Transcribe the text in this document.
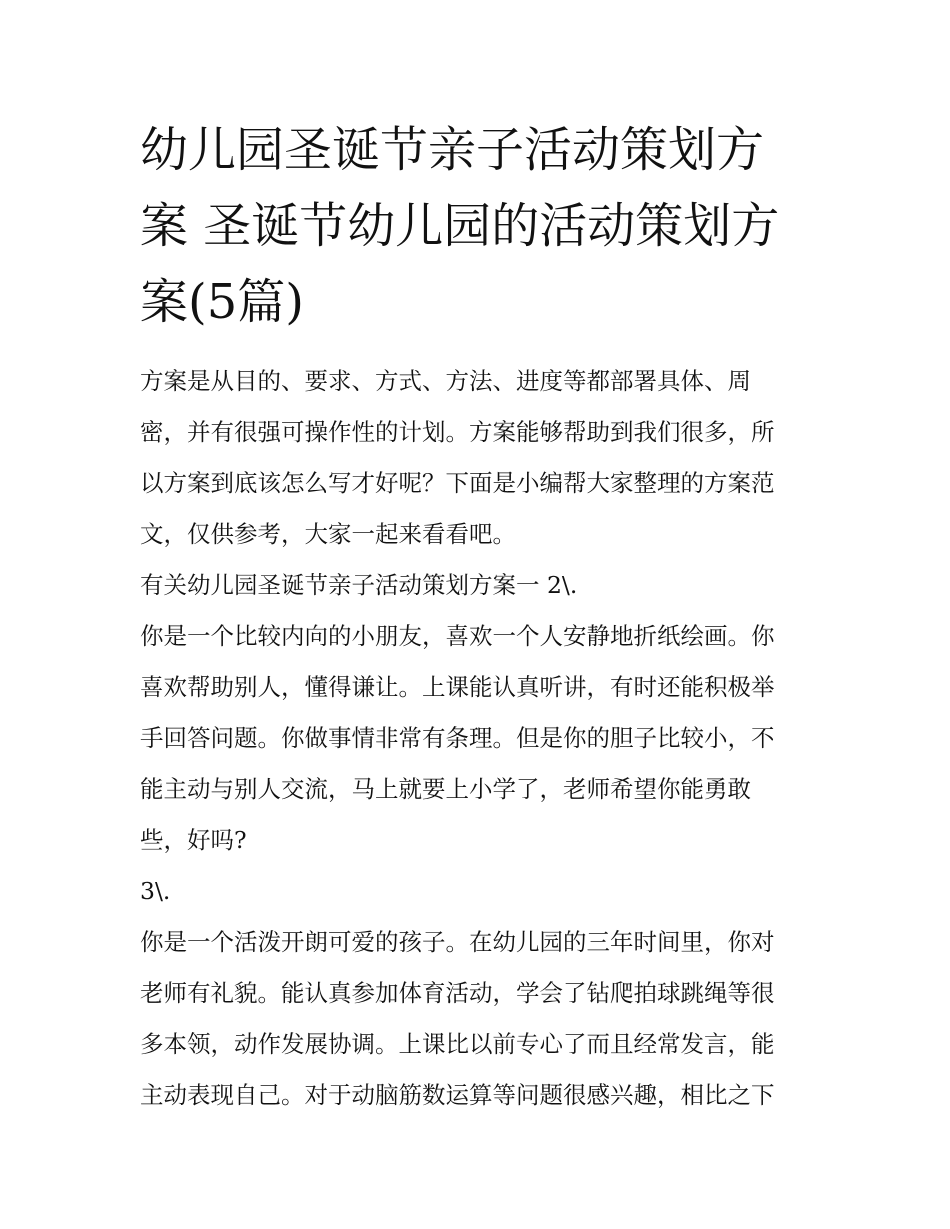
幼儿园圣诞节亲子活动策划方
案 圣诞节幼儿园的活动策划方
案(5篇)
方案是从目的、要求、方式、方法、进度等都部署具体、周
密，并有很强可操作性的计划。方案能够帮助到我们很多，所
以方案到底该怎么写才好呢？下面是小编帮大家整理的方案范
文，仅供参考，大家一起来看看吧。
有关幼儿园圣诞节亲子活动策划方案一 2\.
你是一个比较内向的小朋友，喜欢一个人安静地折纸绘画。你
喜欢帮助别人，懂得谦让。上课能认真听讲，有时还能积极举
手回答问题。你做事情非常有条理。但是你的胆子比较小，不
能主动与别人交流，马上就要上小学了，老师希望你能勇敢
些，好吗?
3\.
你是一个活泼开朗可爱的孩子。在幼儿园的三年时间里，你对
老师有礼貌。能认真参加体育活动，学会了钻爬拍球跳绳等很
多本领，动作发展协调。上课比以前专心了而且经常发言，能
主动表现自己。对于动脑筋数运算等问题很感兴趣，相比之下
